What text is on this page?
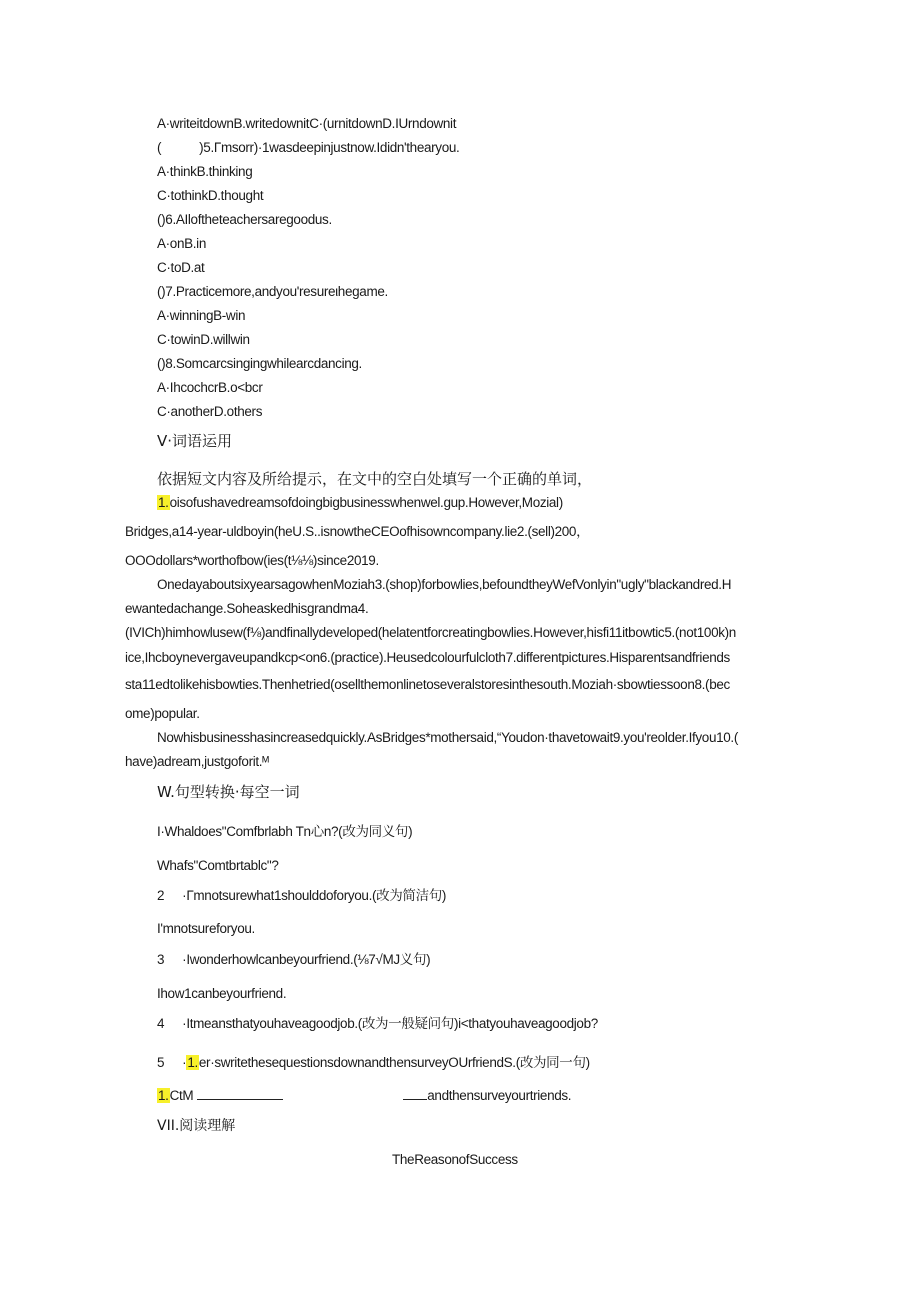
A·writeitdownB.writedownitC·(urnitdownD.IUrndownit
(	)5.Γmsorr)·1wasdeepinjustnow.Ididn'thearyou.
A·thinkB.thinking
C·tothinkD.thought
()6.AIloftheteachersaregoodus.
A·onB.in
C·toD.at
()7.Practicemore,andyou'resureιhegame.
A·winningB-win
C·towinD.willwin
()8.Somcarcsingingwhilearcdancing.
A·IhcochcrB.o<bcr
C·anotherD.others
V·词语运用
依据短文内容及所给提示，在文中的空白处填写一个正确的单词，
1.oisofushavedreamsofdoingbigbusinesswhenwel.gup.However,Mozial)
Bridges,a14-year-uldboyin(heU.S..isnowtheCEOofhisowncompany.lie2.(sell)200，
OOOdollars*worthofbow(ies(t⅛⅛)since2019.
OnedayaboutsixyearsagowhenMoziah3.(shop)forbowlies,befoundtheyWefVonlyin"ugly"blackandred.H
ewantedachange.Soheaskedhisgrandma4.
(IVICh)himhowlusew(f⅛)andfinallydeveloped(helatentforcreatingbowlies.However,hisfi11itbowtic5.(not100k)n
ice,Ihcboynevergaveupandkcp<on6.(practice).Heusedcolourfulcloth7.differentpictures.Hisparentsandfriends
sta11edtolikehisbowties.Thenhetried(osellthemonlinetoseveralstoresinthesouth.Moziah·sbowtiessoon8.(bec
ome)popular.
Nowhisbusinesshasincreasedquickly.AsBridges*mothersaid,“Youdon·thavetowait9.you'reolder.Ifyou10.(
have)adream,justgoforit.ᴹ
W.句型转换·每空一词
I·Whaldoes"Comfbrlabh Tn心n?(改为同义句)
Whafs"Comtbrtablc"?
2 ·Γmnotsurewhat1shoulddoforyou.(改为简洁句)
I'mnotsureforyou.
3 ·Iwonderhowlcanbeyourfriend.(⅛7√MJ义句)
Ihow1canbeyourfriend.
4 ·Itmeansthatyouhaveagoodjob.(改为一般疑问句)i<thatyouhaveagoodjob?
5 ·1.er·swritethesequestionsdownandthensurveyOUrfriendS.(改为同一句)
1.CtM	andthensurveyourtriends.
VII.阅读理解
TheReasonofSuccess
